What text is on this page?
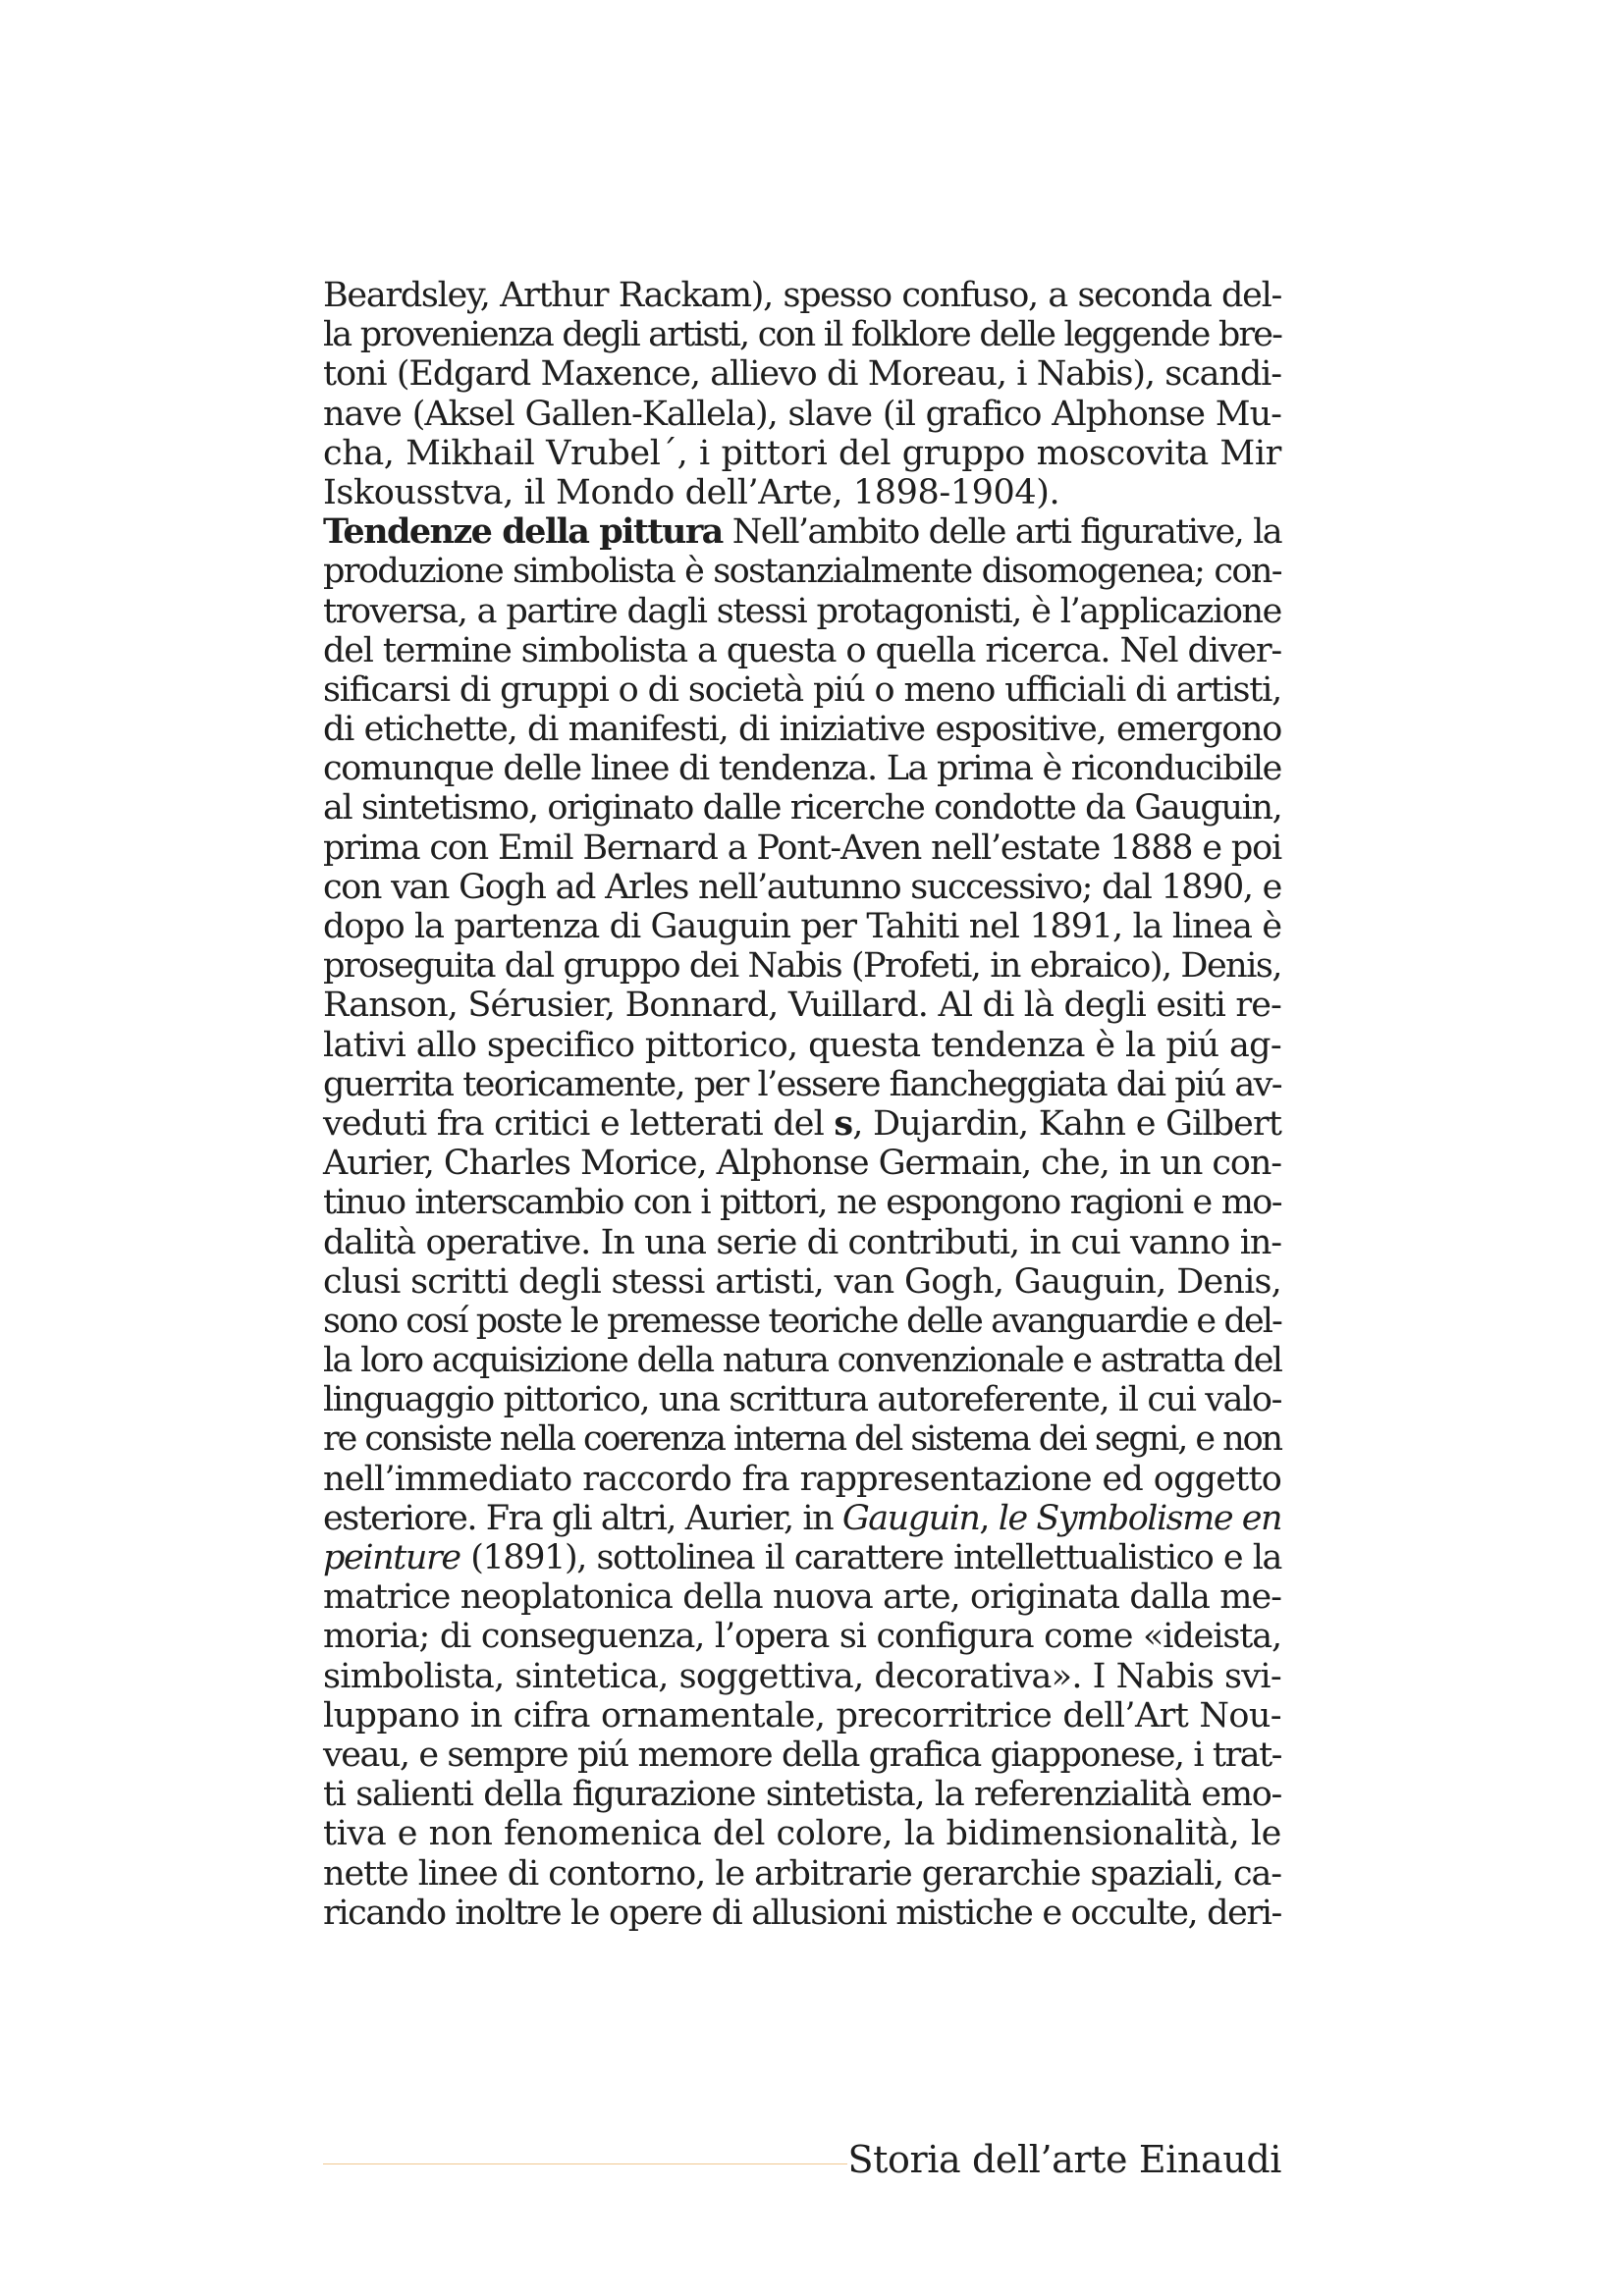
Beardsley, Arthur Rackam), spesso confuso, a seconda del-
la provenienza degli artisti, con il folklore delle leggende bre-
toni (Edgard Maxence, allievo di Moreau, i Nabis), scandi-
nave (Aksel Gallen-Kallela), slave (il grafico Alphonse Mu-
cha, Mikhail Vrubel´, i pittori del gruppo moscovita Mir
Iskousstva, il Mondo dell’Arte, 1898-1904).
Tendenze della pittura Nell’ambito delle arti figurative, la
produzione simbolista è sostanzialmente disomogenea; con-
troversa, a partire dagli stessi protagonisti, è l’applicazione
del termine simbolista a questa o quella ricerca. Nel diver-
sificarsi di gruppi o di società piú o meno ufficiali di artisti,
di etichette, di manifesti, di iniziative espositive, emergono
comunque delle linee di tendenza. La prima è riconducibile
al sintetismo, originato dalle ricerche condotte da Gauguin,
prima con Emil Bernard a Pont-Aven nell’estate 1888 e poi
con van Gogh ad Arles nell’autunno successivo; dal 1890, e
dopo la partenza di Gauguin per Tahiti nel 1891, la linea è
proseguita dal gruppo dei Nabis (Profeti, in ebraico), Denis,
Ranson, Sérusier, Bonnard, Vuillard. Al di là degli esiti re-
lativi allo specifico pittorico, questa tendenza è la piú ag-
guerrita teoricamente, per l’essere fiancheggiata dai piú av-
veduti fra critici e letterati del s, Dujardin, Kahn e Gilbert
Aurier, Charles Morice, Alphonse Germain, che, in un con-
tinuo interscambio con i pittori, ne espongono ragioni e mo-
dalità operative. In una serie di contributi, in cui vanno in-
clusi scritti degli stessi artisti, van Gogh, Gauguin, Denis,
sono cosí poste le premesse teoriche delle avanguardie e del-
la loro acquisizione della natura convenzionale e astratta del
linguaggio pittorico, una scrittura autoreferente, il cui valo-
re consiste nella coerenza interna del sistema dei segni, e non
nell’immediato raccordo fra rappresentazione ed oggetto
esteriore. Fra gli altri, Aurier, in Gauguin, le Symbolisme en
peinture (1891), sottolinea il carattere intellettualistico e la
matrice neoplatonica della nuova arte, originata dalla me-
moria; di conseguenza, l’opera si configura come «ideista,
simbolista, sintetica, soggettiva, decorativa». I Nabis svi-
luppano in cifra ornamentale, precorritrice dell’Art Nou-
veau, e sempre piú memore della grafica giapponese, i trat-
ti salienti della figurazione sintetista, la referenzialità emo-
tiva e non fenomenica del colore, la bidimensionalità, le
nette linee di contorno, le arbitrarie gerarchie spaziali, ca-
ricando inoltre le opere di allusioni mistiche e occulte, deri-
Storia dell’arte Einaudi
